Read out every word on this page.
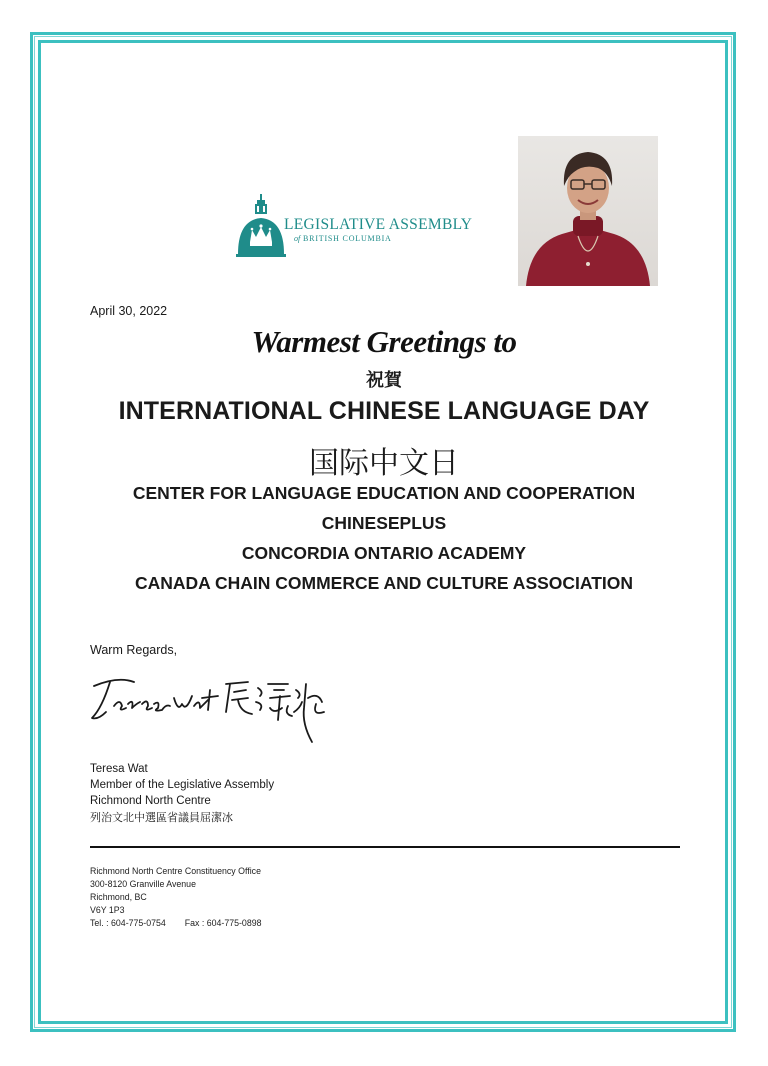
LEGISLATIVE ASSEMBLY
of BRITISH COLUMBIA
April 30, 2022
Warmest Greetings to
祝賀
INTERNATIONAL CHINESE LANGUAGE DAY
国际中文日
CENTER FOR LANGUAGE EDUCATION AND COOPERATION
CHINESEPLUS
CONCORDIA ONTARIO ACADEMY
CANADA CHAIN COMMERCE AND CULTURE ASSOCIATION
Warm Regards,
Teresa Wat
Member of the Legislative Assembly
Richmond North Centre
列治文北中選區省議員屈潔冰
Richmond North Centre Constituency Office
300-8120 Granville Avenue
Richmond, BC
V6Y 1P3
Tel. : 604-775-0754 Fax : 604-775-0898
